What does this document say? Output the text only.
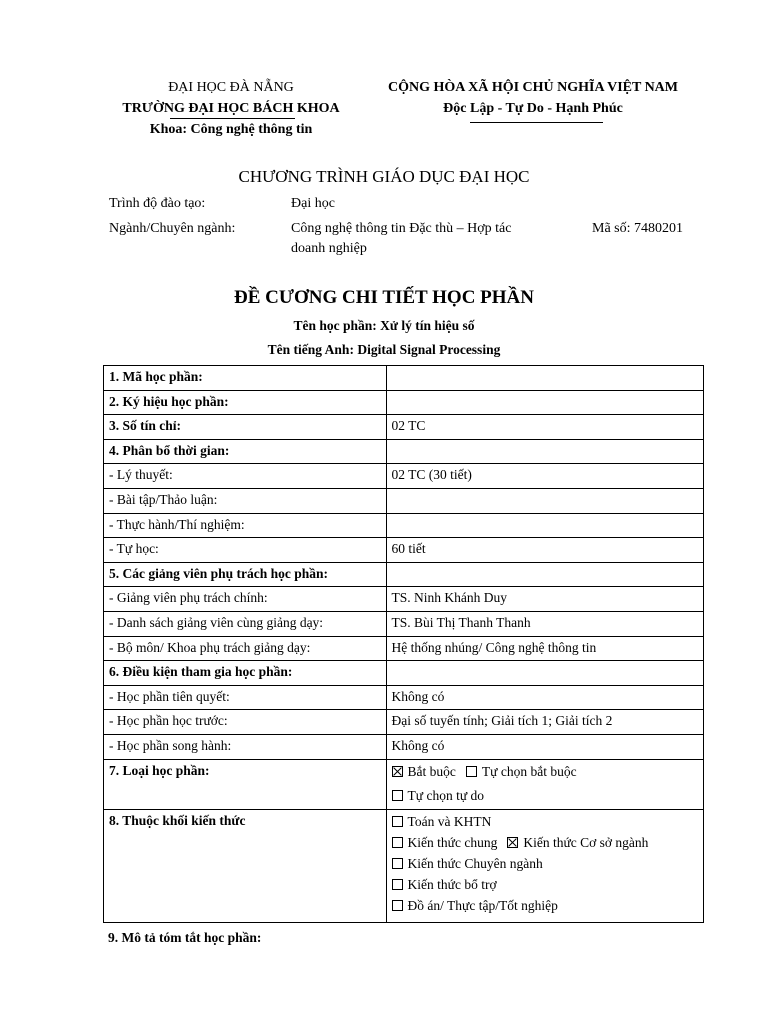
ĐẠI HỌC ĐÀ NẴNG
TRƯỜNG ĐẠI HỌC BÁCH KHOA
Khoa: Công nghệ thông tin
CỘNG HÒA XÃ HỘI CHỦ NGHĨA VIỆT NAM
Độc Lập - Tự Do - Hạnh Phúc
CHƯƠNG TRÌNH GIÁO DỤC ĐẠI HỌC
Trình độ đào tạo:	Đại học
Ngành/Chuyên ngành:	Công nghệ thông tin Đặc thù – Hợp tác
doanh nghiệp
Mã số: 7480201
ĐỀ CƯƠNG CHI TIẾT HỌC PHẦN
Tên học phần: Xử lý tín hiệu số
Tên tiếng Anh: Digital Signal Processing
1. Mã học phần:	
2. Ký hiệu học phần:	
3. Số tín chỉ:	02 TC
4. Phân bổ thời gian:	
- Lý thuyết:	02 TC (30 tiết)
- Bài tập/Thảo luận:	
- Thực hành/Thí nghiệm:	
- Tự học:	60 tiết
5. Các giảng viên phụ trách học phần:	
- Giảng viên phụ trách chính:	TS. Ninh Khánh Duy
- Danh sách giảng viên cùng giảng dạy:	TS. Bùi Thị Thanh Thanh
- Bộ môn/ Khoa phụ trách giảng dạy:	Hệ thống nhúng/ Công nghệ thông tin
6. Điều kiện tham gia học phần:	
- Học phần tiên quyết:	Không có
- Học phần học trước:	Đại số tuyến tính; Giải tích 1; Giải tích 2
- Học phần song hành:	Không có
7. Loại học phần:	Bắt buộc Tự chọn bắt buộc
Tự chọn tự do

8. Thuộc khối kiến thức	Toán và KHTN
Kiến thức chung Kiến thức Cơ sở ngành
Kiến thức Chuyên ngành
Kiến thức bổ trợ
Đồ án/ Thực tập/Tốt nghiệp
9. Mô tả tóm tắt học phần:
